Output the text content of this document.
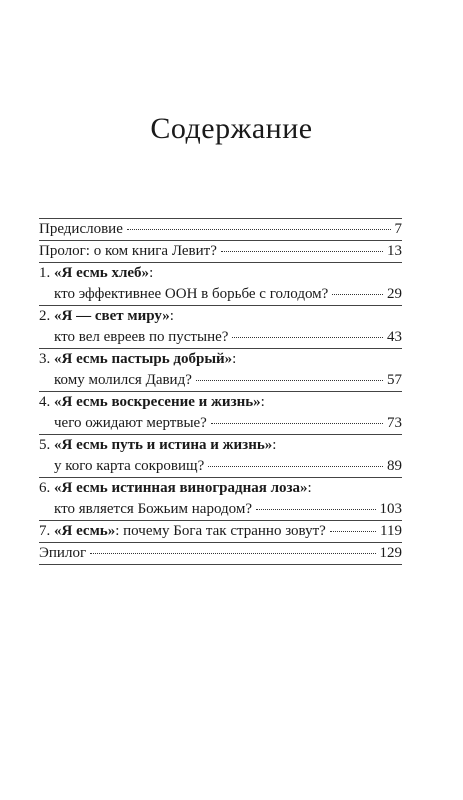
Содержание
Предисловие	7
Пролог: о ком книга Левит?	13
1. «Я есмь хлеб» :
кто эффективнее ООН в борьбе с голодом?	29
2. «Я — свет миру» :
кто вел евреев по пустыне?	43
3. «Я есмь пастырь добрый» :
кому молился Давид?	57
4. «Я есмь воскресение и жизнь» :
чего ожидают мертвые?	73
5. «Я есмь путь и истина и жизнь» :
у кого карта сокровищ?	89
6. «Я есмь истинная виноградная лоза» :
кто является Божьим народом?	103
7. «Я есмь» : почему Бога так странно зовут?	119
Эпилог	129
